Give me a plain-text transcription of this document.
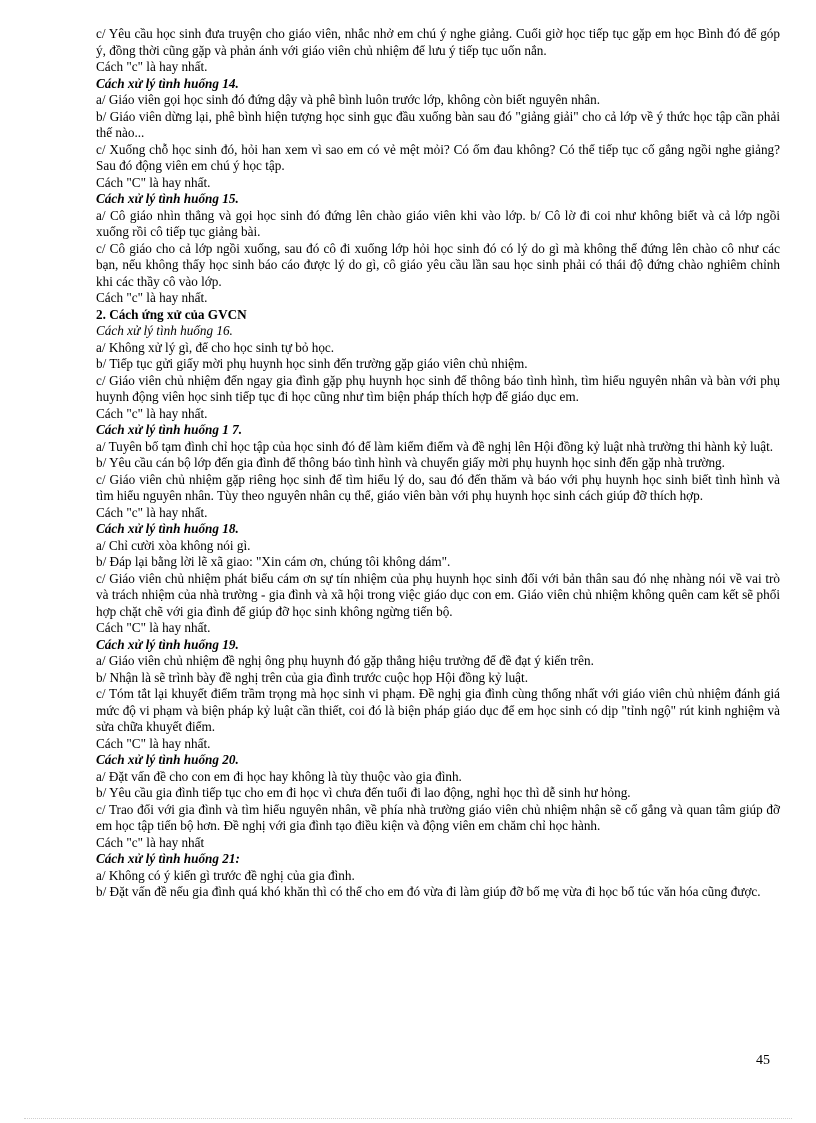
c/ Yêu cầu học sinh đưa truyện cho giáo viên, nhắc nhở em chú ý nghe giảng. Cuối giờ học tiếp tục gặp em học Bình đó để góp ý, đồng thời cũng gặp và phản ánh với giáo viên chủ nhiệm để lưu ý tiếp tục uốn nắn.

Cách "c" là hay nhất.

Cách xử lý tình huống 14.

a/ Giáo viên gọi học sinh đó đứng dậy và phê bình luôn trước lớp, không còn biết nguyên nhân.

b/ Giáo viên dừng lại, phê bình hiện tượng học sinh gục đầu xuống bàn sau đó "giảng giải" cho cả lớp về ý thức học tập cần phải thế nào...

c/ Xuống chỗ học sinh đó, hỏi han xem vì sao em có vẻ mệt mỏi? Có ốm đau không? Có thể tiếp tục cố gắng ngồi nghe giảng? Sau đó động viên em chú ý học tập.

Cách "C" là hay nhất.

Cách xử lý tình huống 15.

a/ Cô giáo nhìn thẳng và gọi học sinh đó đứng lên chào giáo viên khi vào lớp. b/ Cô lờ đi coi như không biết và cả lớp ngồi xuống rồi cô tiếp tục giảng bài.

c/ Cô giáo cho cả lớp ngồi xuống, sau đó cô đi xuống lớp hỏi học sinh đó có lý do gì mà không thể đứng lên chào cô như các bạn, nếu không thấy học sinh báo cáo được lý do gì, cô giáo yêu cầu lần sau học sinh phải có thái độ đứng chào nghiêm chỉnh khi các thầy cô vào lớp.

Cách "c" là hay nhất.

2. Cách ứng xử của GVCN

Cách xử lý tình huống 16.

a/ Không xử lý gì, để cho học sinh tự bỏ học.

b/ Tiếp tục gửi giấy mời phụ huynh học sinh đến trường gặp giáo viên chủ nhiệm.

c/ Giáo viên chủ nhiệm đến ngay gia đình gặp phụ huynh học sinh để thông báo tình hình, tìm hiểu nguyên nhân và bàn với phụ huynh động viên học sinh tiếp tục đi học cũng như tìm biện pháp thích hợp để giáo dục em.

Cách "c" là hay nhất.

Cách xử lý tình huống 1 7.

a/ Tuyên bố tạm đình chỉ học tập của học sinh đó để làm kiểm điểm và đề nghị lên Hội đồng kỷ luật nhà trường thi hành kỷ luật.

b/ Yêu cầu cán bộ lớp đến gia đình để thông báo tình hình và chuyển giấy mời phụ huynh học sinh đến gặp nhà trường.

c/ Giáo viên chủ nhiệm gặp riêng học sinh để tìm hiểu lý do, sau đó đến thăm và báo với phụ huynh học sinh biết tình hình và tìm hiểu nguyên nhân. Tùy theo nguyên nhân cụ thể, giáo viên bàn với phụ huynh học sinh cách giúp đỡ thích hợp.

Cách "c" là hay nhất.

Cách xử lý tình huống 18.

a/ Chỉ cười xòa không nói gì.

b/ Đáp lại bằng lời lẽ xã giao: "Xin cám ơn, chúng tôi không dám".

c/ Giáo viên chủ nhiệm phát biểu cám ơn sự tín nhiệm của phụ huynh học sinh đối với bản thân sau đó nhẹ nhàng nói về vai trò và trách nhiệm của nhà trường - gia đình và xã hội trong việc giáo dục con em. Giáo viên chủ nhiệm không quên cam kết sẽ phối hợp chặt chẽ với gia đình để giúp đỡ học sinh không ngừng tiến bộ.

Cách "C" là hay nhất.

Cách xử lý tình huống 19.

a/ Giáo viên chủ nhiệm đề nghị ông phụ huynh đó gặp thẳng hiệu trưởng để đề đạt ý kiến trên.

b/ Nhận là sẽ trình bày đề nghị trên của gia đình trước cuộc họp Hội đồng kỷ luật.

c/ Tóm tắt lại khuyết điểm trầm trọng mà học sinh vi phạm. Đề nghị gia đình cùng thống nhất với giáo viên chủ nhiệm đánh giá mức độ vi phạm và biện pháp kỷ luật cần thiết, coi đó là biện pháp giáo dục để em học sinh có dịp "tỉnh ngộ" rút kinh nghiệm và sửa chữa khuyết điểm.

Cách "C" là hay nhất.

Cách xử lý tình huống 20.

a/ Đặt vấn đề cho con em đi học hay không là tùy thuộc vào gia đình.

b/ Yêu cầu gia đình tiếp tục cho em đi học vì chưa đến tuổi đi lao động, nghỉ học thì dễ sinh hư hỏng.

c/ Trao đổi với gia đình và tìm hiểu nguyên nhân, về phía nhà trường giáo viên chủ nhiệm nhận sẽ cố gắng và quan tâm giúp đỡ em học tập tiến bộ hơn. Đề nghị với gia đình tạo điều kiện và động viên em chăm chỉ học hành.

Cách "c" là hay nhất

Cách xử lý tình huống 21:

a/ Không có ý kiến gì trước đề nghị của gia đình.

b/ Đặt vấn đề nếu gia đình quá khó khăn thì có thể cho em đó vừa đi làm giúp đỡ bố mẹ vừa đi học bổ túc văn hóa cũng được.

45
